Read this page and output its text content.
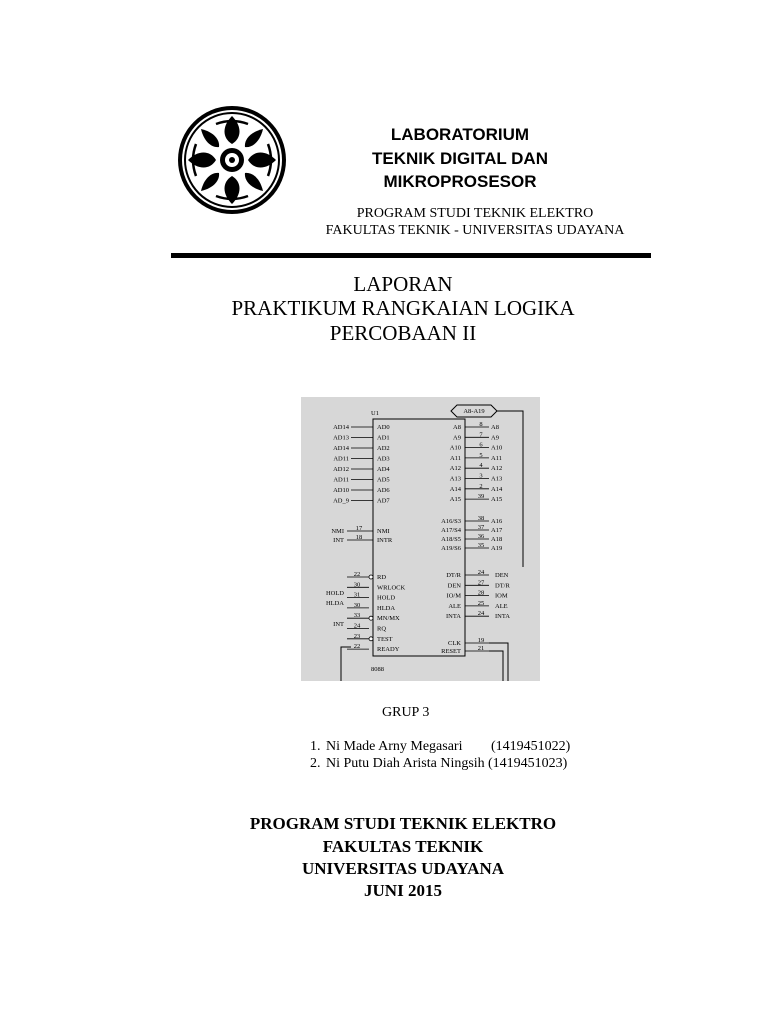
LABORATORIUM
TEKNIK DIGITAL DAN
MIKROPROSESOR
PROGRAM STUDI TEKNIK ELEKTRO
FAKULTAS TEKNIK - UNIVERSITAS UDAYANA
LAPORAN
PRAKTIKUM RANGKAIAN LOGIKA
PERCOBAAN II
U1
8088
A8-A19
AD0
AD14
AD1
AD13
AD2
AD14
AD3
AD11
AD4
AD12
AD5
AD11
AD6
AD10
AD7
AD_9
NMI
17
NMI
INTR
18
INT
RD
22
WRLOCK
30
HOLD
31
HLDA
30
MN/MX
33
RQ
24
TEST
23
READY
22
HOLD
HLDA
INT
A8	8 A8
A9	7 A9
A10	6 A10
A11	5 A11
A12	4 A12
A13	3 A13
A14	2 A14
A15	39 A15
A16/S3	38 A16
A17/S4	37 A17
A18/S5	36 A18
A19/S6	35 A19
DT/R	24 DEN
DEN	27 DT/R
IO/M	28 IOM
ALE	25 ALE
INTA	24 INTA
CLK	19
RESET	21
GRUP 3
1. Ni Made Arny Megasari (1419451022)
2. Ni Putu Diah Arista Ningsih (1419451023)
PROGRAM STUDI TEKNIK ELEKTRO
FAKULTAS TEKNIK
UNIVERSITAS UDAYANA
JUNI 2015
